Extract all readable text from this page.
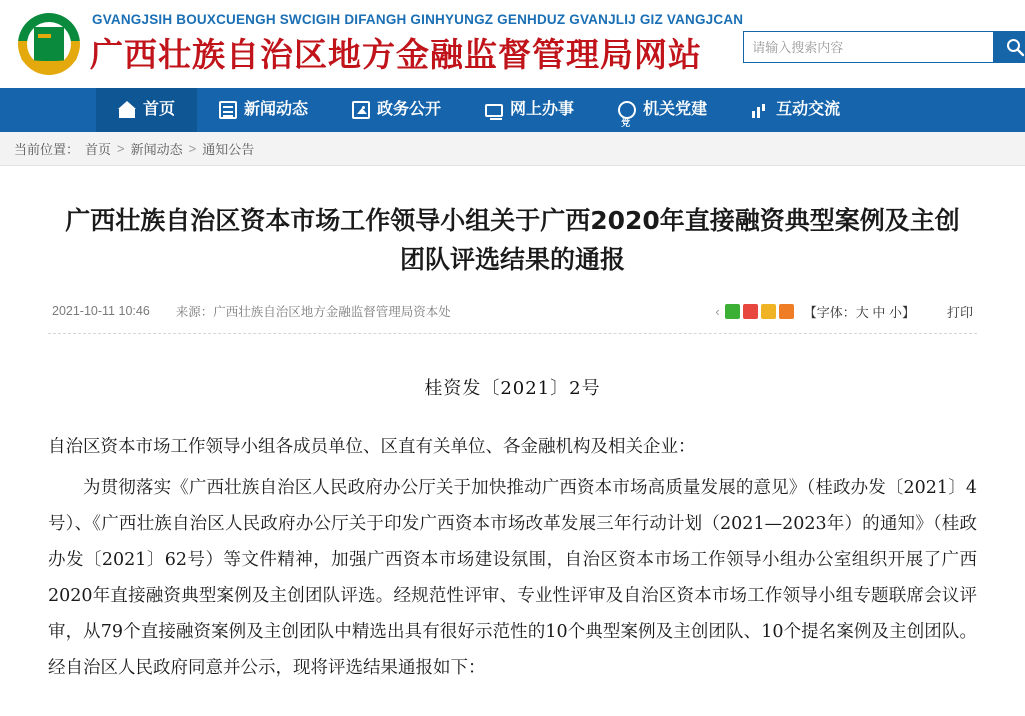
GVANGJSIH BOUXCUENGH SWCIGIH DIFANGH GINHYUNGZ GENHDUZ GVANJLIJ GIZ VANGJCAN
广西壮族自治区地方金融监督管理局网站
请输入搜索内容
首页	新闻动态	政务公开	网上办事 党	机关党建	互动交流
当前位置： 首页 > 新闻动态 > 通知公告
广西壮族自治区资本市场工作领导小组关于广西2020年直接融资典型案例及主创团队评选结果的通报
2021-10-11 10:46 来源：广西壮族自治区地方金融监督管理局资本处	‹	【字体：大 中 小】 打印
桂资发〔2021〕2号

自治区资本市场工作领导小组各成员单位、区直有关单位、各金融机构及相关企业：

为贯彻落实《广西壮族自治区人民政府办公厅关于加快推动广西资本市场高质量发展的意见》（桂政办发〔2021〕4号）、《广西壮族自治区人民政府办公厅关于印发广西资本市场改革发展三年行动计划（2021—2023年）的通知》（桂政办发〔2021〕62号）等文件精神，加强广西资本市场建设氛围，自治区资本市场工作领导小组办公室组织开展了广西2020年直接融资典型案例及主创团队评选。经规范性评审、专业性评审及自治区资本市场工作领导小组专题联席会议评审，从79个直接融资案例及主创团队中精选出具有很好示范性的10个典型案例及主创团队、10个提名案例及主创团队。经自治区人民政府同意并公示，现将评选结果通报如下：
